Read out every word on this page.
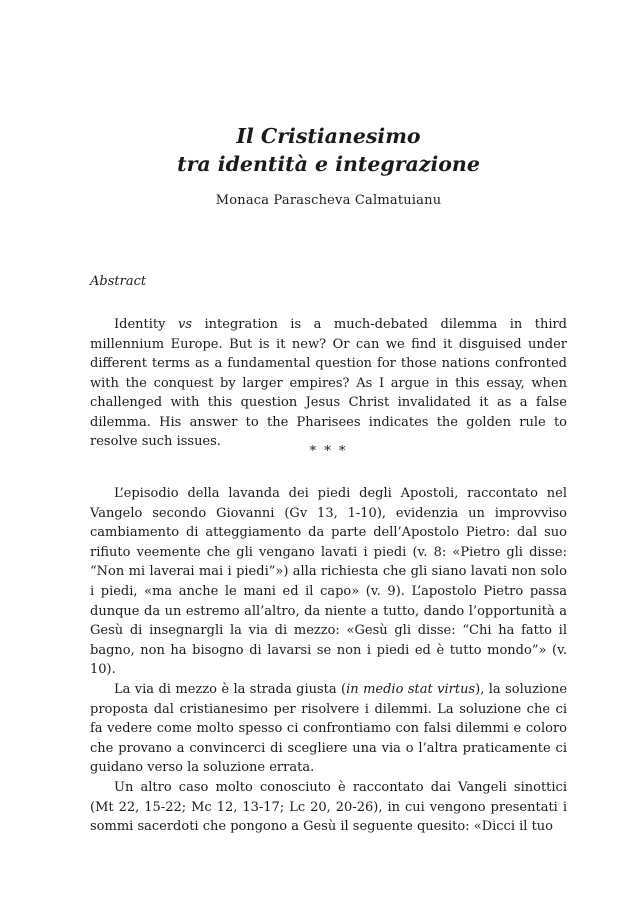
Il Cristianesimo
tra identità e integrazione
Monaca Parascheva Calmatuianu
Abstract

Identity vs integration is a much-debated dilemma in third millennium Europe. But is it new? Or can we find it disguised under different terms as a fundamental question for those nations confronted with the conquest by larger empires? As I argue in this essay, when challenged with this question Jesus Christ invalidated it as a false dilemma. His answer to the Pharisees indicates the golden rule to resolve such issues.

* * *

L’episodio della lavanda dei piedi degli Apostoli, raccontato nel Vangelo secondo Giovanni (Gv 13, 1-10), evidenzia un improvviso cambiamento di atteggiamento da parte dell’Apostolo Pietro: dal suo rifiuto veemente che gli vengano lavati i piedi (v. 8: «Pietro gli disse: “Non mi laverai mai i piedi”») alla richiesta che gli siano lavati non solo i piedi, «ma anche le mani ed il capo» (v. 9). L’apostolo Pietro passa dunque da un estremo all’altro, da niente a tutto, dando l’opportunità a Gesù di insegnargli la via di mezzo: «Gesù gli disse: “Chi ha fatto il bagno, non ha bisogno di lavarsi se non i piedi ed è tutto mondo”» (v. 10).

La via di mezzo è la strada giusta (in medio stat virtus), la soluzione proposta dal cristianesimo per risolvere i dilemmi. La soluzione che ci fa vedere come molto spesso ci confrontiamo con falsi dilemmi e coloro che provano a convincerci di scegliere una via o l’altra praticamente ci guidano verso la soluzione errata.

Un altro caso molto conosciuto è raccontato dai Vangeli sinottici (Mt 22, 15-22; Mc 12, 13-17; Lc 20, 20-26), in cui vengono presentati i sommi sacerdoti che pongono a Gesù il seguente quesito: «Dicci il tuo
